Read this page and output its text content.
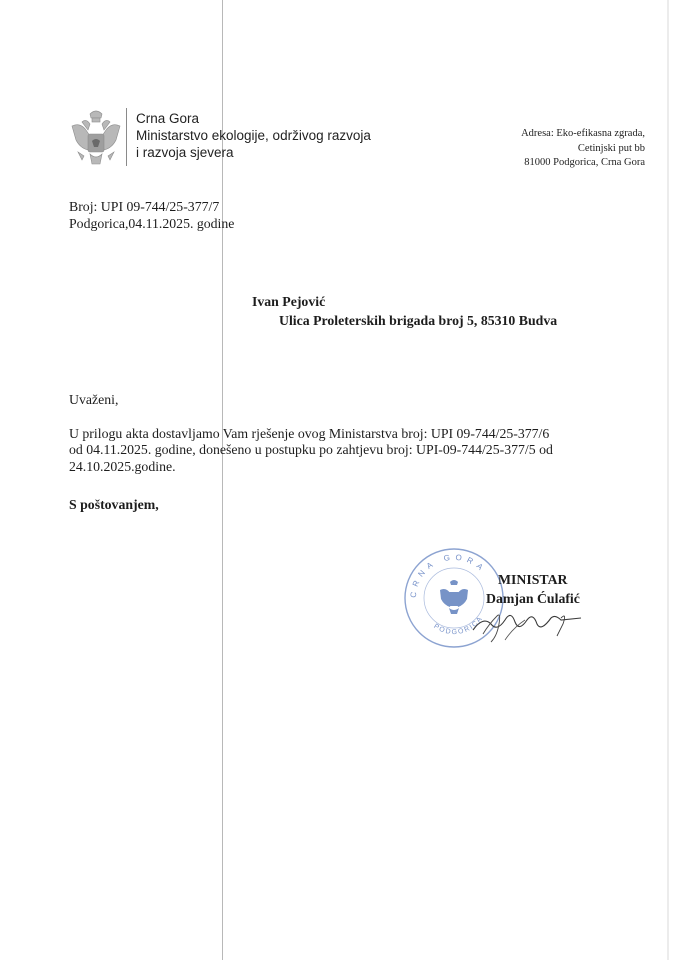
Crna Gora
Ministarstvo ekologije, održivog razvoja
i razvoja sjevera
Adresa: Eko-efikasna zgrada,
Cetinjski put bb
81000 Podgorica, Crna Gora
Broj: UPI 09-744/25-377/7
Podgorica,04.11.2025. godine
Ivan Pejović
Ulica Proleterskih brigada broj 5, 85310 Budva
Uvaženi,
U prilogu akta dostavljamo Vam rješenje ovog Ministarstva broj: UPI 09-744/25-377/6
od 04.11.2025. godine, donešeno u postupku po zahtjevu broj: UPI-09-744/25-377/5 od
24.10.2025.godine.
S poštovanjem,
CRNA GORA
PODGORICA
MINISTAR
Damjan Ćulafić
